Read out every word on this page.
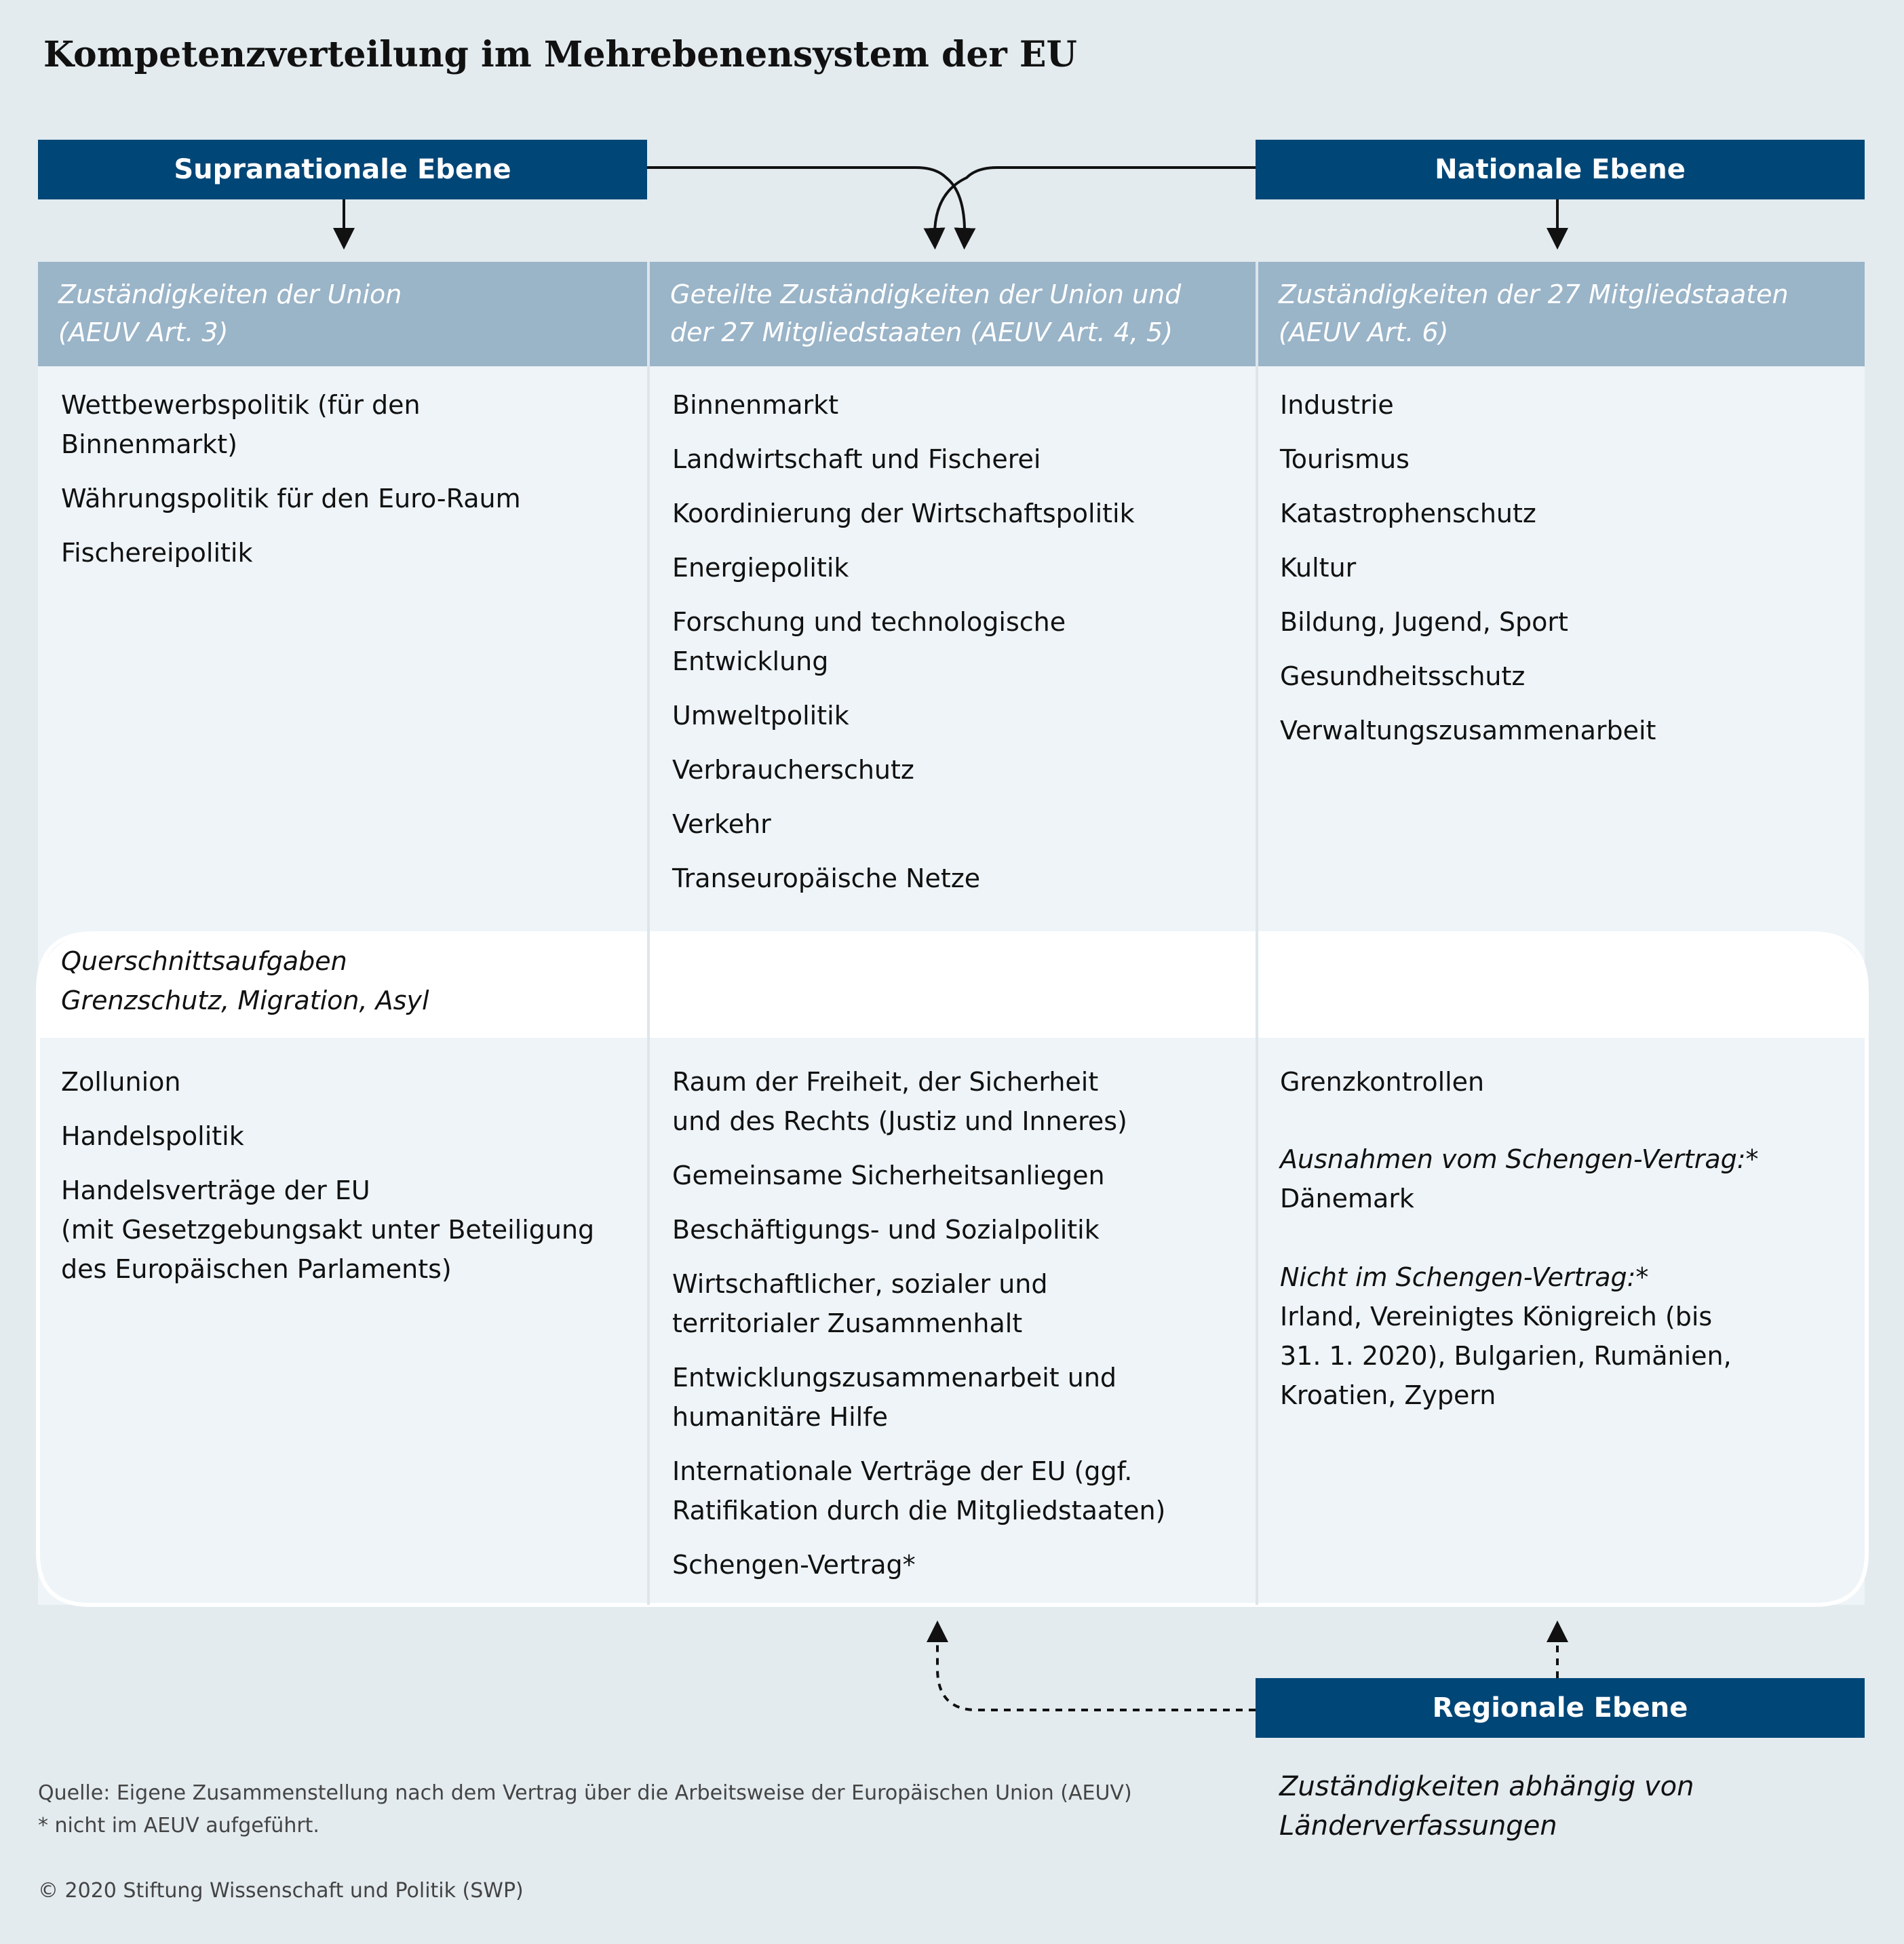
Kompetenzverteilung im Mehrebenensystem der EU
Supranationale Ebene	Nationale Ebene
Zuständigkeiten der Union
(AEUV Art. 3)
Geteilte Zuständigkeiten der Union und
der 27 Mitgliedstaaten (AEUV Art. 4, 5)
Zuständigkeiten der 27 Mitgliedstaaten
(AEUV Art. 6)
Wettbewerbspolitik (für den
Binnenmarkt)
Währungspolitik für den Euro-Raum
Fischereipolitik
Binnenmarkt
Landwirtschaft und Fischerei
Koordinierung der Wirtschaftspolitik
Energiepolitik
Forschung und technologische
Entwicklung
Umweltpolitik
Verbraucherschutz
Verkehr
Transeuropäische Netze
Industrie
Tourismus
Katastrophenschutz
Kultur
Bildung, Jugend, Sport
Gesundheitsschutz
Verwaltungszusammenarbeit
Querschnittsaufgaben
Grenzschutz, Migration, Asyl
Zollunion
Handelspolitik
Handelsverträge der EU
(mit Gesetzgebungsakt unter Beteiligung
des Europäischen Parlaments)
Raum der Freiheit, der Sicherheit
und des Rechts (Justiz und Inneres)
Gemeinsame Sicherheitsanliegen
Beschäftigungs- und Sozialpolitik
Wirtschaftlicher, sozialer und
territorialer Zusammenhalt
Entwicklungszusammenarbeit und
humanitäre Hilfe
Internationale Verträge der EU (ggf.
Ratifikation durch die Mitgliedstaaten)
Schengen-Vertrag*
Grenzkontrollen
Ausnahmen vom Schengen-Vertrag:*
Dänemark
Nicht im Schengen-Vertrag:*
Irland, Vereinigtes Königreich (bis
31. 1. 2020), Bulgarien, Rumänien,
Kroatien, Zypern
Regionale Ebene
Zuständigkeiten abhängig von
Länderverfassungen
Quelle: Eigene Zusammenstellung nach dem Vertrag über die Arbeitsweise der Europäischen Union (AEUV)
* nicht im AEUV aufgeführt.
© 2020 Stiftung Wissenschaft und Politik (SWP)
